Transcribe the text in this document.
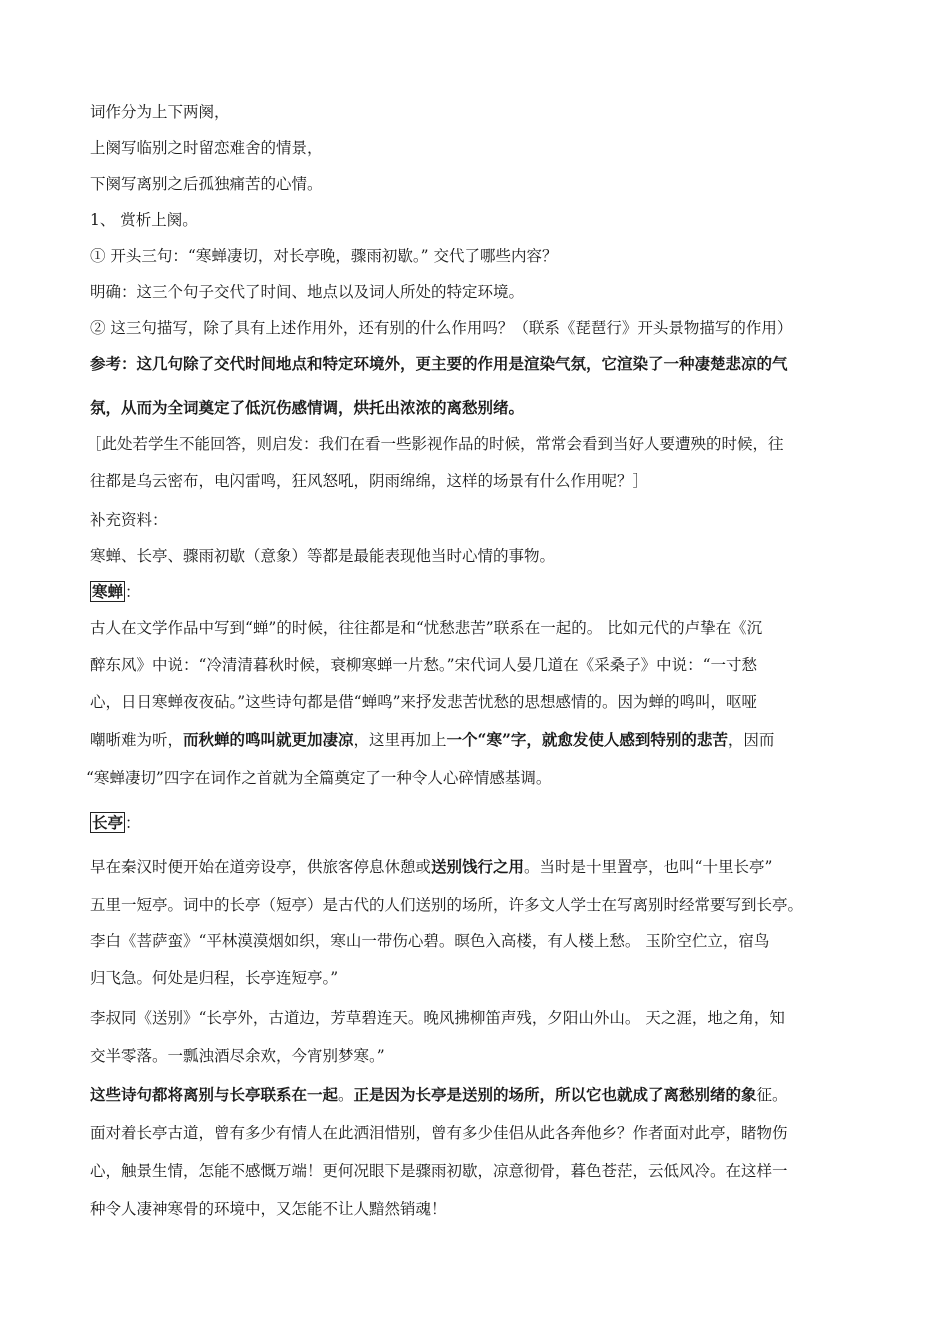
词作分为上下两阕，
上阕写临别之时留恋难舍的情景，
下阕写离别之后孤独痛苦的心情。
1、 赏析上阕。
① 开头三句：“寒蝉凄切，对长亭晚，骤雨初歇。” 交代了哪些内容？
明确：这三个句子交代了时间、地点以及词人所处的特定环境。
② 这三句描写，除了具有上述作用外，还有别的什么作用吗？（联系《琵琶行》开头景物描写的作用）
参考：这几句除了交代时间地点和特定环境外，更主要的作用是渲染气氛，它渲染了一种凄楚悲凉的气
氛，从而为全词奠定了低沉伤感情调，烘托出浓浓的离愁别绪。
［此处若学生不能回答，则启发：我们在看一些影视作品的时候，常常会看到当好人要遭殃的时候，往
往都是乌云密布，电闪雷鸣，狂风怒吼，阴雨绵绵，这样的场景有什么作用呢？］
补充资料：
寒蝉、长亭、骤雨初歇（意象）等都是最能表现他当时心情的事物。
寒蝉 ：
古人在文学作品中写到“蝉”的时候，往往都是和“忧愁悲苦”联系在一起的。 比如元代的卢挚在《沉
醉东风》中说：“冷清清暮秋时候，衰柳寒蝉一片愁。”宋代词人晏几道在《采桑子》中说：“一寸愁
心，日日寒蝉夜夜砧。”这些诗句都是借“蝉鸣”来抒发悲苦忧愁的思想感情的。因为蝉的鸣叫，呕哑
嘲哳难为听，而秋蝉的鸣叫就更加凄凉，这里再加上一个“寒”字，就愈发使人感到特别的悲苦，因而
“寒蝉凄切”四字在词作之首就为全篇奠定了一种令人心碎情感基调。
长亭 ：
早在秦汉时便开始在道旁设亭，供旅客停息休憩或送别饯行之用。当时是十里置亭，也叫“十里长亭”
五里一短亭。词中的长亭（短亭）是古代的人们送别的场所，许多文人学士在写离别时经常要写到长亭。
李白《菩萨蛮》“平林漠漠烟如织，寒山一带伤心碧。暝色入高楼，有人楼上愁。 玉阶空伫立，宿鸟
归飞急。何处是归程，长亭连短亭。”
李叔同《送别》“长亭外，古道边，芳草碧连天。晚风拂柳笛声残，夕阳山外山。 天之涯，地之角，知
交半零落。一瓢浊酒尽余欢，今宵别梦寒。”
这些诗句都将离别与长亭联系在一起。正是因为长亭是送别的场所，所以它也就成了离愁别绪的象征。
面对着长亭古道，曾有多少有情人在此洒泪惜别，曾有多少佳侣从此各奔他乡？作者面对此亭，睹物伤
心，触景生情，怎能不感慨万端！更何况眼下是骤雨初歇，凉意彻骨，暮色苍茫，云低风冷。在这样一
种令人凄神寒骨的环境中，又怎能不让人黯然销魂！
